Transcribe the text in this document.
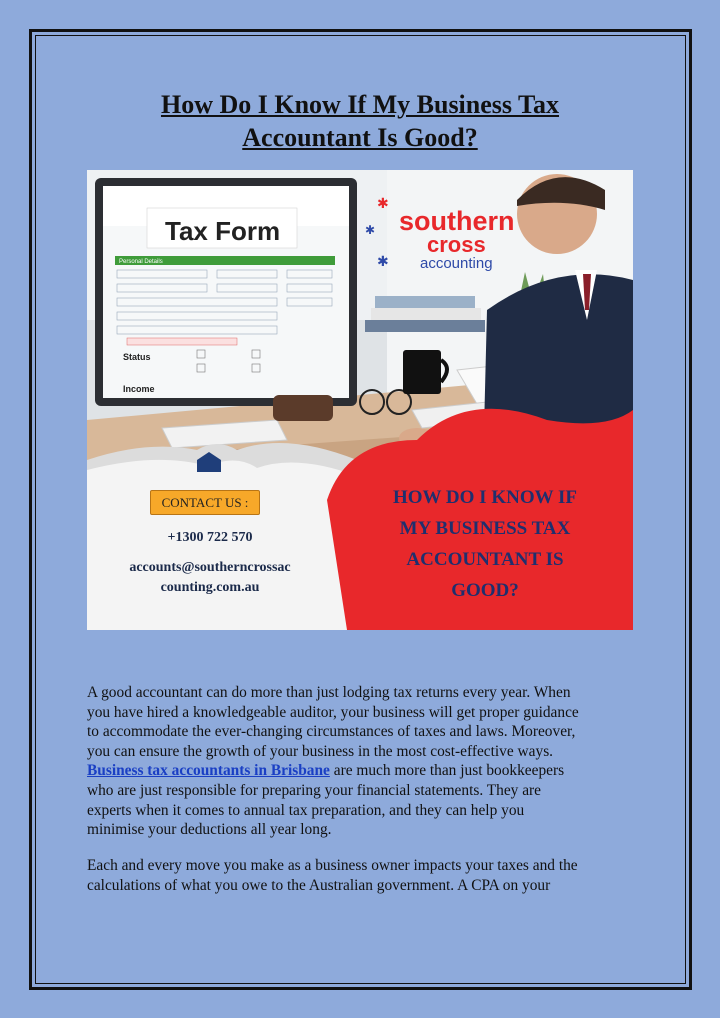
How Do I Know If My Business Tax
Accountant Is Good?
Tax Form
Personal Details
Status
Income
✱
✱
✱
southern
cross
accounting
CONTACT US :
+1300 722 570
accounts@southerncrossac
counting.com.au
HOW DO I KNOW IF
MY BUSINESS TAX
ACCOUNTANT IS
GOOD?

A good accountant can do more than just lodging tax returns every year. When
you have hired a knowledgeable auditor, your business will get proper guidance
to accommodate the ever-changing circumstances of taxes and laws. Moreover,
you can ensure the growth of your business in the most cost-effective ways.
Business tax accountants in Brisbane are much more than just bookkeepers
who are just responsible for preparing your financial statements. They are
experts when it comes to annual tax preparation, and they can help you
minimise your deductions all year long.

Each and every move you make as a business owner impacts your taxes and the
calculations of what you owe to the Australian government. A CPA on your
